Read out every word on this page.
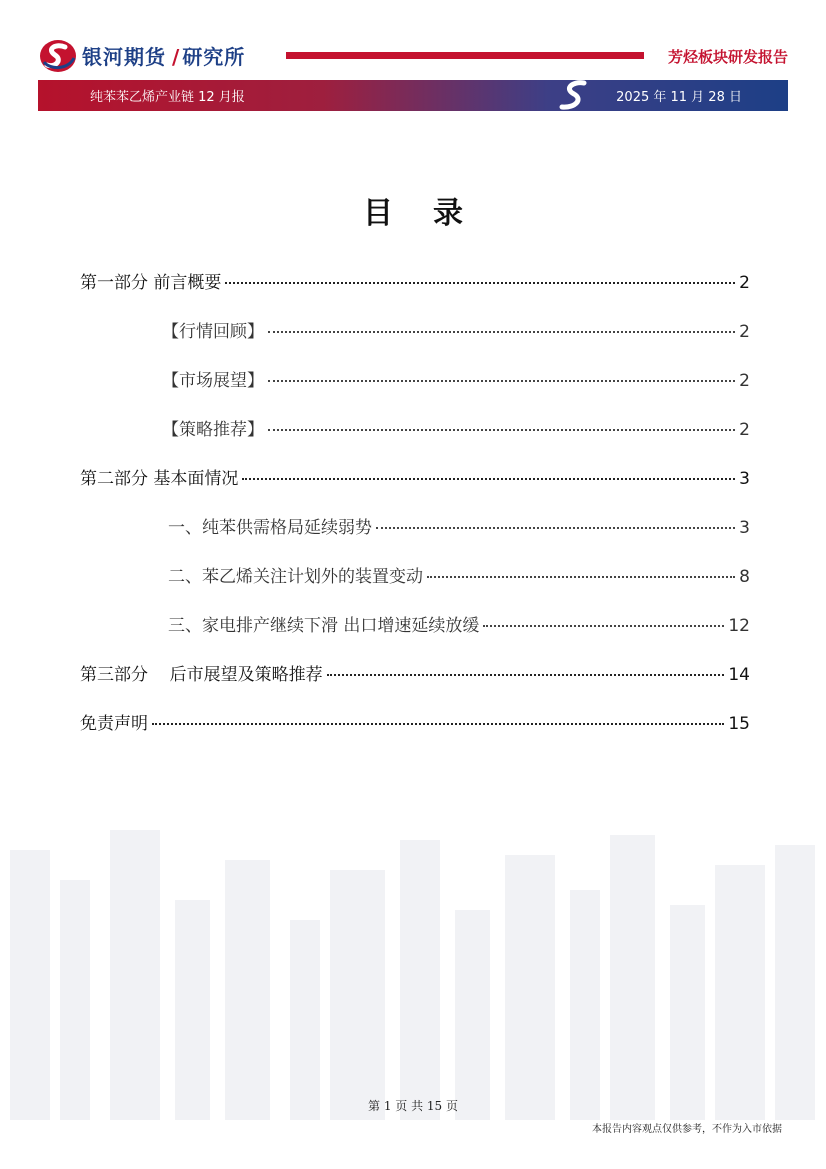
银河期货 / 研究所	芳烃板块研发报告
纯苯苯乙烯产业链 12 月报	2025 年 11 月 28 日
目录
第一部分 前言概要	2
【行情回顾】	2
【市场展望】	2
【策略推荐】	2
第二部分 基本面情况	3
一、纯苯供需格局延续弱势	3
二、苯乙烯关注计划外的装置变动	8
三、家电排产继续下滑 出口增速延续放缓	12
第三部分    后市展望及策略推荐	14
免责声明	15
第 1 页 共 15 页
本报告内容观点仅供参考，不作为入市依据
